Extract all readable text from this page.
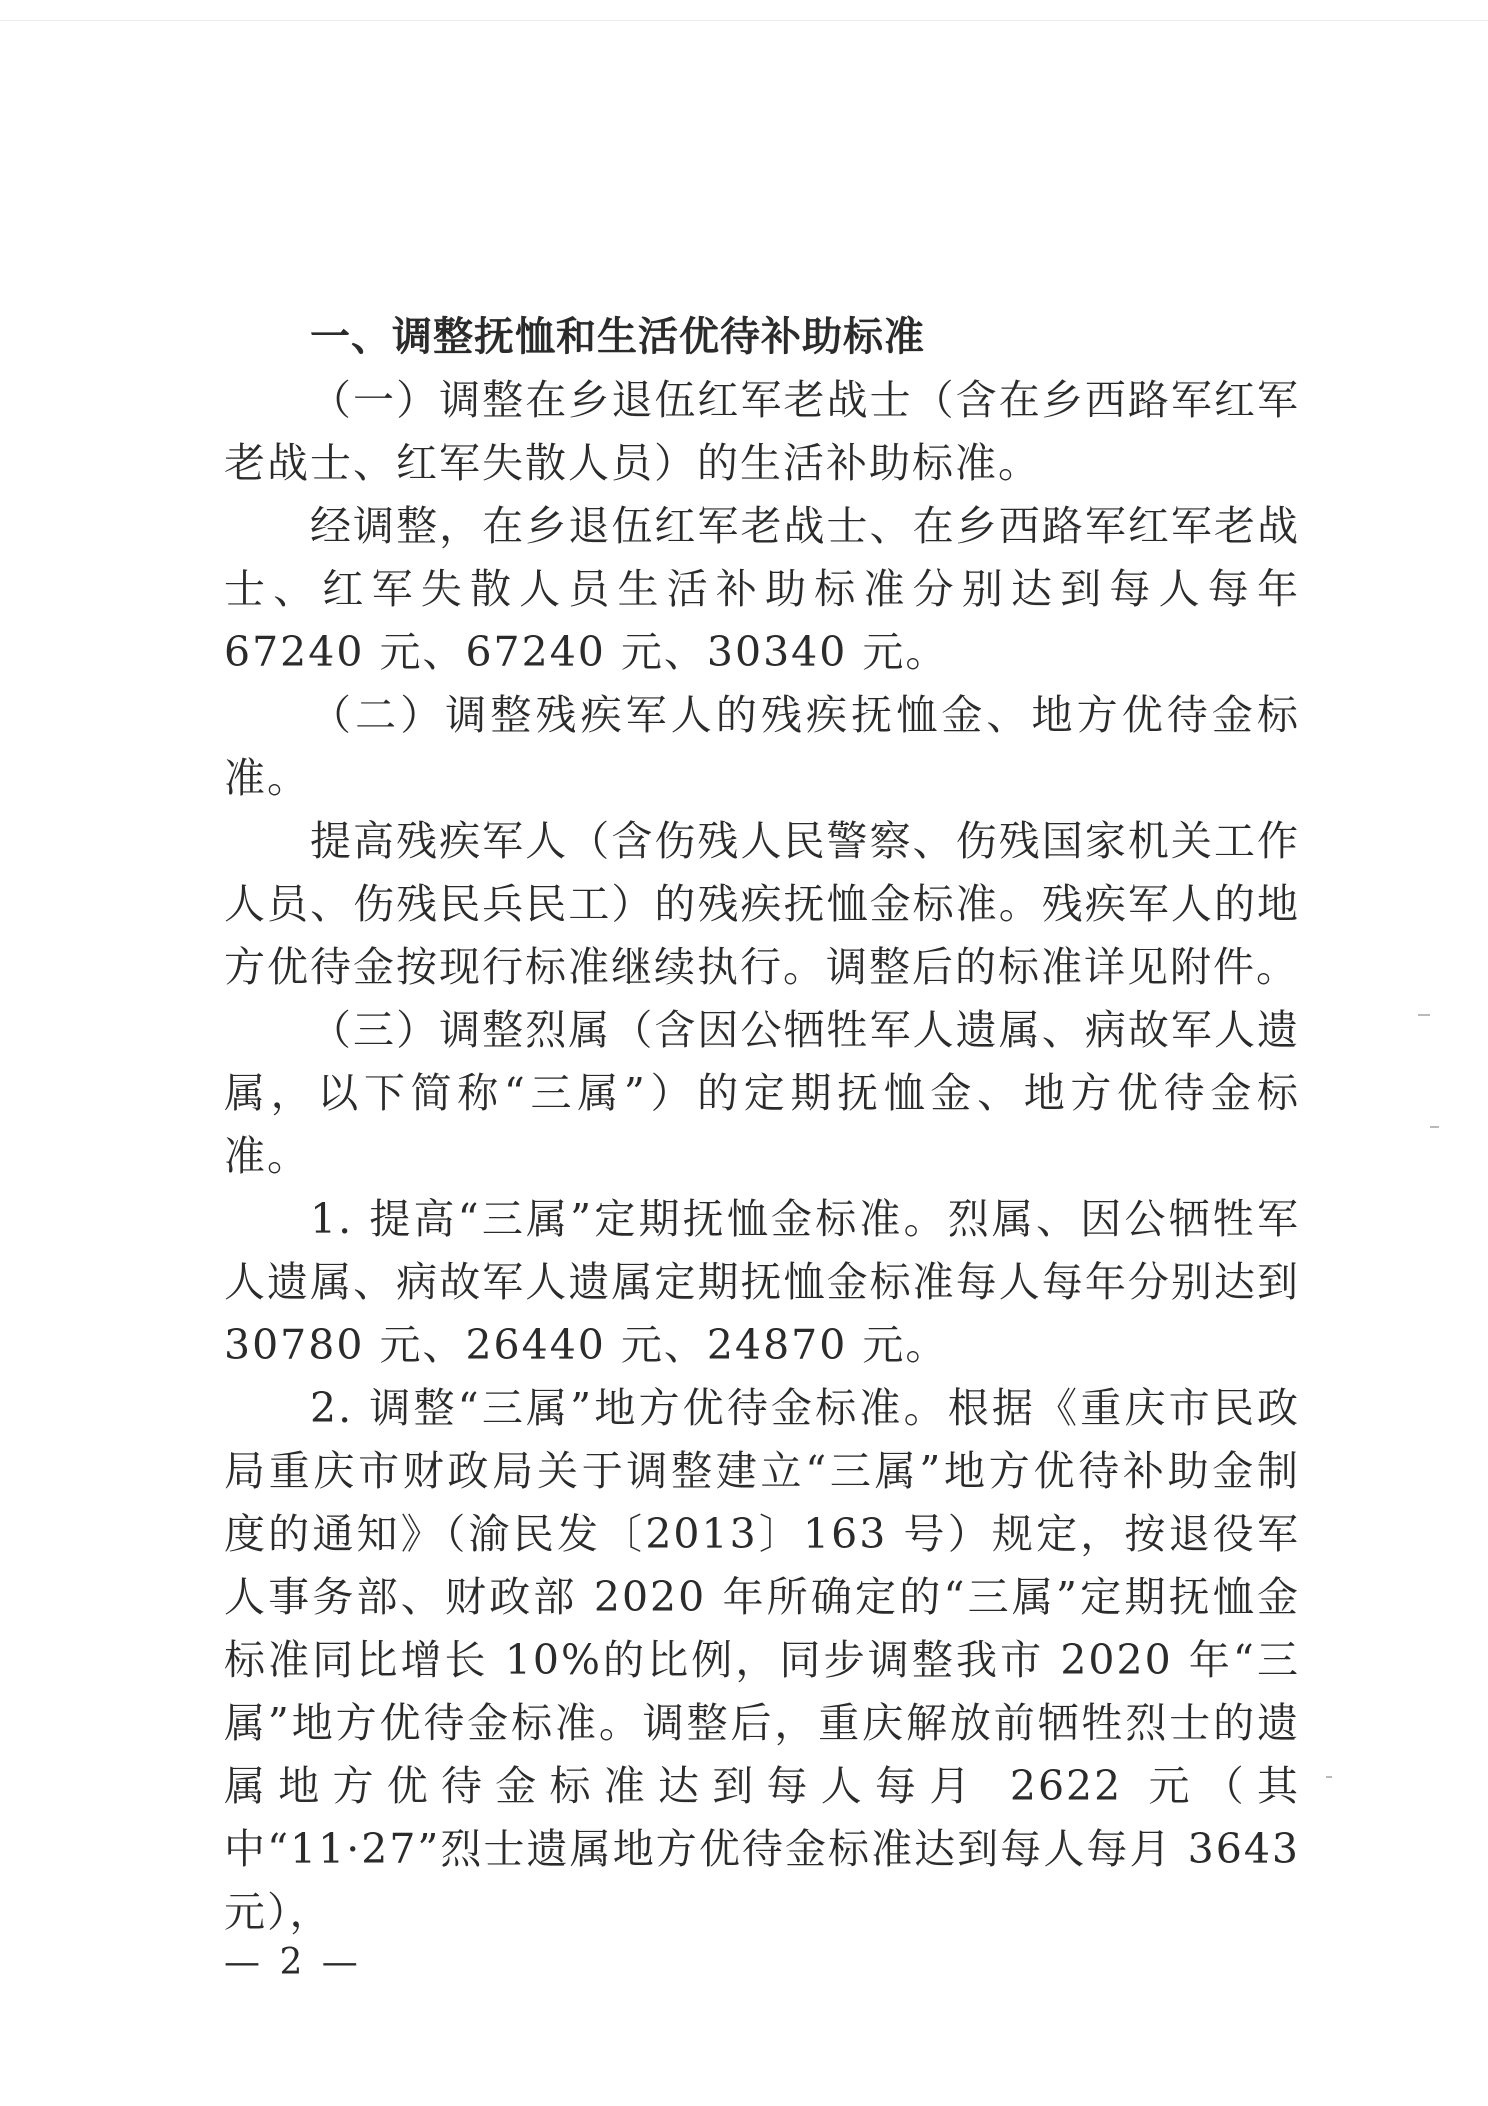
一、调整抚恤和生活优待补助标准

（一）调整在乡退伍红军老战士（含在乡西路军红军老战士、红军失散人员）的生活补助标准。

经调整，在乡退伍红军老战士、在乡西路军红军老战士、红军失散人员生活补助标准分别达到每人每年 67240 元、67240 元、30340 元。

（二）调整残疾军人的残疾抚恤金、地方优待金标准。

提高残疾军人（含伤残人民警察、伤残国家机关工作人员、伤残民兵民工）的残疾抚恤金标准。残疾军人的地方优待金按现行标准继续执行。调整后的标准详见附件。

（三）调整烈属（含因公牺牲军人遗属、病故军人遗属，以下简称“三属”）的定期抚恤金、地方优待金标准。

1. 提高“三属”定期抚恤金标准。烈属、因公牺牲军人遗属、病故军人遗属定期抚恤金标准每人每年分别达到 30780 元、26440 元、24870 元。

2. 调整“三属”地方优待金标准。根据《重庆市民政局重庆市财政局关于调整建立“三属”地方优待补助金制度的通知》（渝民发〔2013〕163 号）规定，按退役军人事务部、财政部 2020 年所确定的“三属”定期抚恤金标准同比增长 10%的比例，同步调整我市 2020 年“三属”地方优待金标准。调整后，重庆解放前牺牲烈士的遗属地方优待金标准达到每人每月 2622 元（其中“11·27”烈士遗属地方优待金标准达到每人每月 3643 元），

— 2 —
